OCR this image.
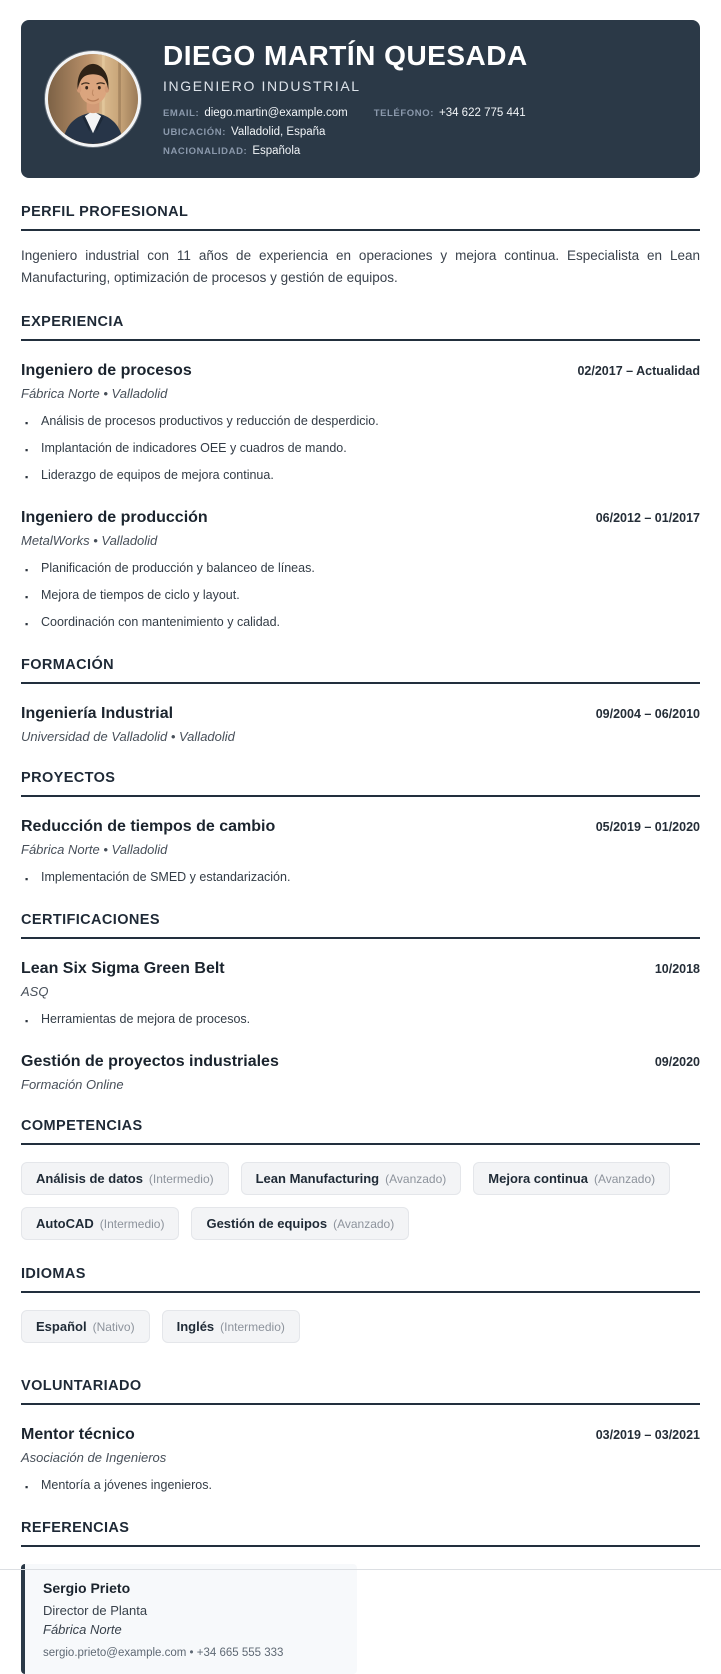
DIEGO MARTÍN QUESADA
INGENIERO INDUSTRIAL
EMAIL: diego.martin@example.com	TELÉFONO: +34 622 775 441
UBICACIÓN: Valladolid, España
NACIONALIDAD: Española
PERFIL PROFESIONAL

Ingeniero industrial con 11 años de experiencia en operaciones y mejora continua. Especialista en Lean Manufacturing, optimización de procesos y gestión de equipos.

EXPERIENCIA
Ingeniero de procesos	02/2017 – Actualidad
Fábrica Norte • Valladolid
▪ Análisis de procesos productivos y reducción de desperdicio.
▪ Implantación de indicadores OEE y cuadros de mando.
▪ Liderazgo de equipos de mejora continua.
Ingeniero de producción	06/2012 – 01/2017
MetalWorks • Valladolid
▪ Planificación de producción y balanceo de líneas.
▪ Mejora de tiempos de ciclo y layout.
▪ Coordinación con mantenimiento y calidad.
FORMACIÓN
Ingeniería Industrial	09/2004 – 06/2010
Universidad de Valladolid • Valladolid
PROYECTOS
Reducción de tiempos de cambio	05/2019 – 01/2020
Fábrica Norte • Valladolid
▪ Implementación de SMED y estandarización.
CERTIFICACIONES
Lean Six Sigma Green Belt	10/2018
ASQ
▪ Herramientas de mejora de procesos.
Gestión de proyectos industriales	09/2020
Formación Online
COMPETENCIAS
Análisis de datos (Intermedio)	Lean Manufacturing (Avanzado)	Mejora continua (Avanzado)
AutoCAD (Intermedio)	Gestión de equipos (Avanzado)
IDIOMAS
Español (Nativo)	Inglés (Intermedio)
VOLUNTARIADO
Mentor técnico	03/2019 – 03/2021
Asociación de Ingenieros
▪ Mentoría a jóvenes ingenieros.
REFERENCIAS
Sergio Prieto
Director de Planta
Fábrica Norte
sergio.prieto@example.com • +34 665 555 333
